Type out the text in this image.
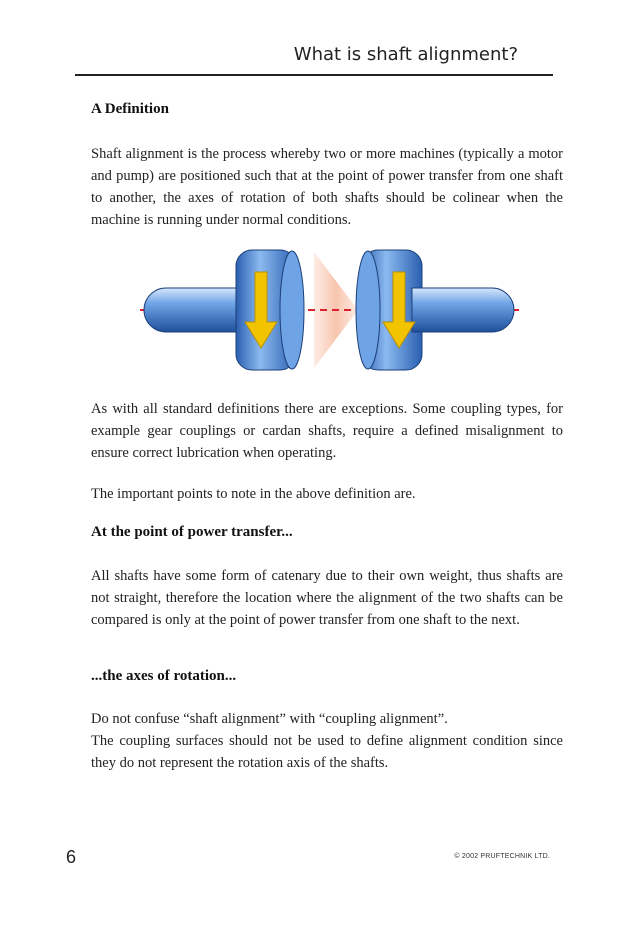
What is shaft alignment?
A Definition
Shaft alignment is the process whereby two or more machines (typically a motor and pump) are positioned such that at the point of power transfer from one shaft to another, the axes of rotation of both shafts should be colinear when the machine is running under normal conditions.
As with all standard definitions there are exceptions. Some coupling types, for example gear couplings or cardan shafts, require a defined misalignment to ensure correct lubrication when operating.
The important points to note in the above definition are.
At the point of power transfer...
All shafts have some form of catenary due to their own weight, thus shafts are not straight, therefore the location where the alignment of the two shafts can be compared is only at the point of power transfer from one shaft to the next.
...the axes of rotation...
Do not confuse “shaft alignment” with “coupling alignment”.
The coupling surfaces should not be used to define alignment condition since they do not represent the rotation axis of the shafts.
6	© 2002 PRUFTECHNIK LTD.
